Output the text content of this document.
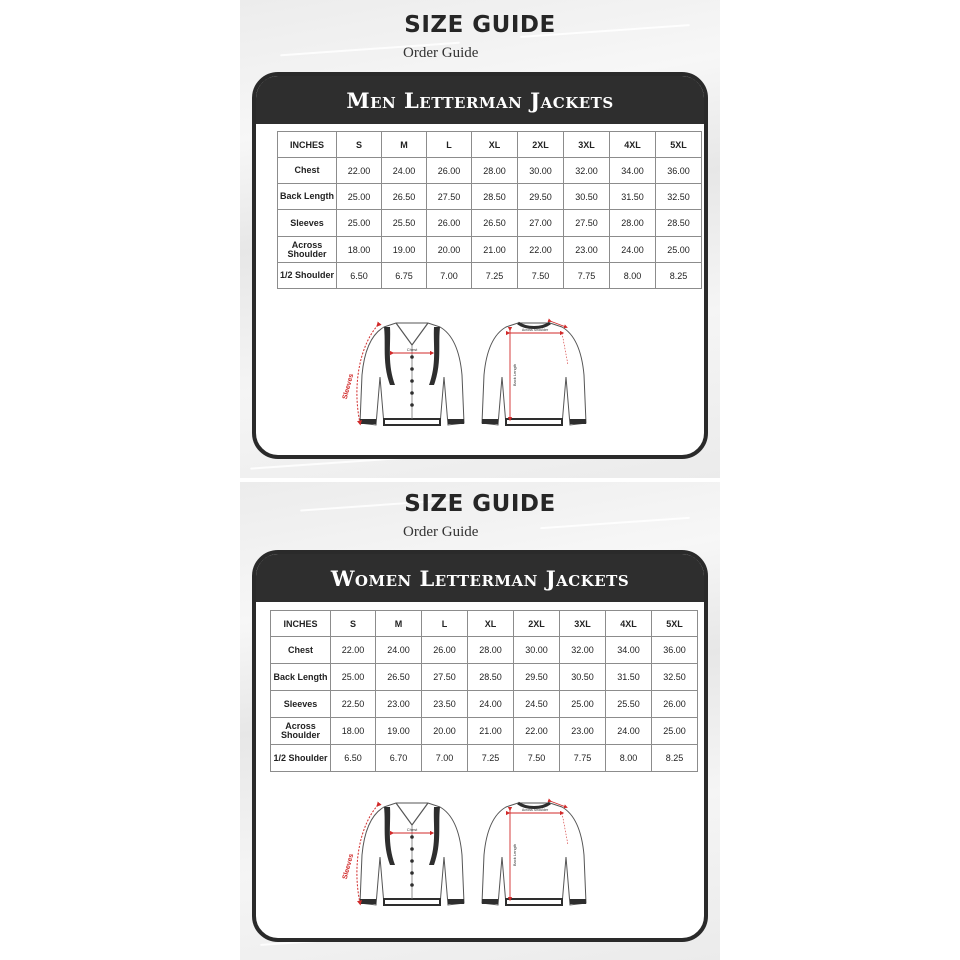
SIZE GUIDE
Order Guide
Men Letterman Jackets
INCHES	S	M	L	XL	2XL	3XL	4XL	5XL
Chest	22.00	24.00	26.00	28.00	30.00	32.00	34.00	36.00
Back Length	25.00	26.50	27.50	28.50	29.50	30.50	31.50	32.50
Sleeves	25.00	25.50	26.00	26.50	27.00	27.50	28.00	28.50
Across Shoulder	18.00	19.00	20.00	21.00	22.00	23.00	24.00	25.00
1/2 Shoulder	6.50	6.75	7.00	7.25	7.50	7.75	8.00	8.25
Chest
Sleeves
Across Shoulder
Back Length
SIZE GUIDE
Order Guide
Women Letterman Jackets
INCHES	S	M	L	XL	2XL	3XL	4XL	5XL
Chest	22.00	24.00	26.00	28.00	30.00	32.00	34.00	36.00
Back Length	25.00	26.50	27.50	28.50	29.50	30.50	31.50	32.50
Sleeves	22.50	23.00	23.50	24.00	24.50	25.00	25.50	26.00
Across Shoulder	18.00	19.00	20.00	21.00	22.00	23.00	24.00	25.00
1/2 Shoulder	6.50	6.70	7.00	7.25	7.50	7.75	8.00	8.25
Chest
Sleeves
Across Shoulder
Back Length
